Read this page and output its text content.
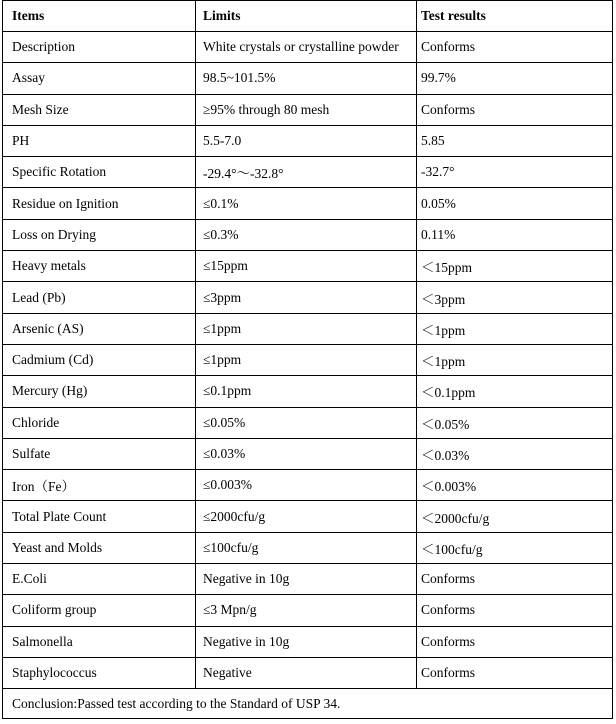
Items	Limits	Test results
Description	White crystals or crystalline powder	Conforms
Assay	98.5~101.5%	99.7%
Mesh Size	≥95% through 80 mesh	Conforms
PH	5.5-7.0	5.85
Specific Rotation	-29.4°～-32.8°	-32.7°
Residue on Ignition	≤0.1%	0.05%
Loss on Drying	≤0.3%	0.11%
Heavy metals	≤15ppm	＜15ppm
Lead (Pb)	≤3ppm	＜3ppm
Arsenic (AS)	≤1ppm	＜1ppm
Cadmium (Cd)	≤1ppm	＜1ppm
Mercury (Hg)	≤0.1ppm	＜0.1ppm
Chloride	≤0.05%	＜0.05%
Sulfate	≤0.03%	＜0.03%
Iron（Fe）	≤0.003%	＜0.003%
Total Plate Count	≤2000cfu/g	＜2000cfu/g
Yeast and Molds	≤100cfu/g	＜100cfu/g
E.Coli	Negative in 10g	Conforms
Coliform group	≤3 Mpn/g	Conforms
Salmonella	Negative in 10g	Conforms
Staphylococcus	Negative	Conforms
Conclusion:Passed test according to the Standard of USP 34.		
